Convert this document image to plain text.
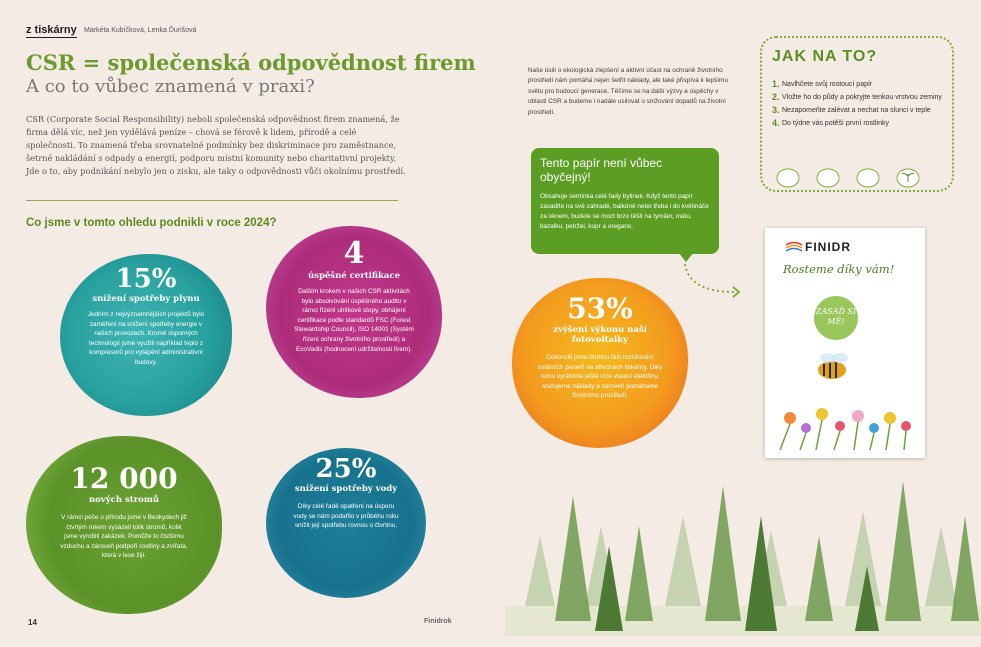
z tiskárny Markéta Kubíčková, Lenka Ďurišová
CSR = společenská odpovědnost firem
A co to vůbec znamená v praxi?
CSR (Corporate Social Responsibility) neboli společenská odpovědnost firem znamená, že firma dělá víc, než jen vydělává peníze – chová se férově k lidem, přírodě a celé společnosti. To znamená třeba srovnatelné podmínky bez diskriminace pro zaměstnance, šetrné nakládání s odpady a energií, podporu místní komunity nebo charitativní projekty. Jde o to, aby podnikání nebylo jen o zisku, ale taky o odpovědnosti vůči okolnímu prostředí.
Co jsme v tomto ohledu podnikli v roce 2024?
15%
snížení spotřeby plynu
Jedním z nejvýznamnějších projektů bylo zaměření na snížení spotřeby energie v našich provozech. Kromě úsporných technologií jsme využili například teplo z kompresorů pro vytápění administrativní budovy.
4
úspěšné certifikace
Dalším krokem v našich CSR aktivitách bylo absolvování úspěšného auditu v rámci řízení uhlíkové stopy, obhájení certifikace podle standardů FSC (Forest Stewardship Council), ISO 14001 (Systém řízení ochrany životního prostředí) a EcoVadis (hodnocení udržitelnosti firem).
12 000
nových stromů
V rámci péče o přírodu jsme v Beskydech již čtvrtým rokem vysázeli tolik stromů, kolik jsme vyrobili zakázek. Pomůže to čistšímu vzduchu a zároveň podpoří rostliny a zvířata, která v lese žijí.
25%
snížení spotřeby vody
Díky celé řadě opatření na úsporu vody se nám podařilo v průběhu roku snížit její spotřebu rovnou o čtvrtinu.
53%
zvýšení výkonu naší fotovoltaiky
Dokončili jsme druhou fázi rozšiřování solárních panelů na střechách tiskárny. Díky tomu vyrábíme ještě více vlastní elektřiny, snižujeme náklady a zároveň pomáhame životnímu prostředí.
Naše úsilí o ekologická zlepšení a aktivní účast na ochraně životního prostředí nám pomáhá nejen šetřit náklady, ale také přispívá k lepšímu světu pro budoucí generace. Těšíme se na další výzvy a úspěchy v oblasti CSR a budeme i nadále usilovat o snižování dopadů na životní prostředí.
JAK NA TO?
1. Navlhčete svůj rostoucí papír
2. Vložte ho do půdy a pokryjte tenkou vrstvou zeminy
3. Nezapomeňte zalévat a nechat na slunci v teple
4. Do týdne vás potěší první rostlinky
Tento papír není vůbec obyčejný!
Obsahuje semínka celé řady bylinek. Když tento papír zasadíte na své zahradě, balkóně nebo třeba i do květináče za oknem, budete se moct brzo těšit na tymián, mátu, bazalku, petržel, kopr a oregano.
FINIDR
Rosteme díky vám!
ZASAĎ SI MĚ!
14	Finidrok
